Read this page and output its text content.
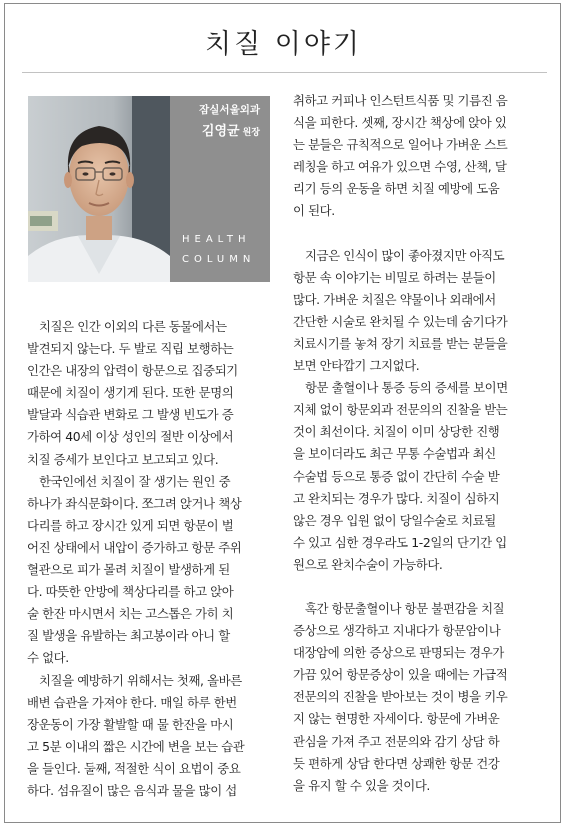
치질 이야기
잠실서울외과
김영균 원장
HEALTH
COLUMN

　치질은 인간 이외의 다른 동물에서는

발견되지 않는다. 두 발로 직립 보행하는

인간은 내장의 압력이 항문으로 집중되기

때문에 치질이 생기게 된다. 또한 문명의

발달과 식습관 변화로 그 발생 빈도가 증

가하여 40세 이상 성인의 절반 이상에서

치질 증세가 보인다고 보고되고 있다.

　한국인에선 치질이 잘 생기는 원인 중

하나가 좌식문화이다. 쪼그려 앉거나 책상

다리를 하고 장시간 있게 되면 항문이 벌

어진 상태에서 내압이 증가하고 항문 주위

혈관으로 피가 몰려 치질이 발생하게 된

다. 따뜻한 안방에 책상다리를 하고 앉아

술 한잔 마시면서 치는 고스톱은 가히 치

질 발생을 유발하는 최고봉이라 아니 할

수 없다.

　치질을 예방하기 위해서는 첫째, 올바른

배변 습관을 가져야 한다. 매일 하루 한번

장운동이 가장 활발할 때 물 한잔을 마시

고 5분 이내의 짧은 시간에 변을 보는 습관

을 들인다. 둘째, 적절한 식이 요법이 중요

하다. 섬유질이 많은 음식과 물을 많이 섭

취하고 커피나 인스턴트식품 및 기름진 음

식을 피한다. 셋째, 장시간 책상에 앉아 있

는 분들은 규칙적으로 일어나 가벼운 스트

레칭을 하고 여유가 있으면 수영, 산책, 달

리기 등의 운동을 하면 치질 예방에 도움

이 된다.

　지금은 인식이 많이 좋아졌지만 아직도

항문 속 이야기는 비밀로 하려는 분들이

많다. 가벼운 치질은 약물이나 외래에서

간단한 시술로 완치될 수 있는데 숨기다가

치료시기를 놓쳐 장기 치료를 받는 분들을

보면 안타깝기 그지없다.

　항문 출혈이나 통증 등의 증세를 보이면

지체 없이 항문외과 전문의의 진찰을 받는

것이 최선이다. 치질이 이미 상당한 진행

을 보이더라도 최근 무통 수술법과 최신

수술법 등으로 통증 없이 간단히 수술 받

고 완치되는 경우가 많다. 치질이 심하지

않은 경우 입원 없이 당일수술로 치료될

수 있고 심한 경우라도 1-2일의 단기간 입

원으로 완치수술이 가능하다.

　혹간 항문출혈이나 항문 불편감을 치질

증상으로 생각하고 지내다가 항문암이나

대장암에 의한 증상으로 판명되는 경우가

가끔 있어 항문증상이 있을 때에는 가급적

전문의의 진찰을 받아보는 것이 병을 키우

지 않는 현명한 자세이다. 항문에 가벼운

관심을 가져 주고 전문의와 감기 상담 하

듯 편하게 상담 한다면 상쾌한 항문 건강

을 유지 할 수 있을 것이다.
